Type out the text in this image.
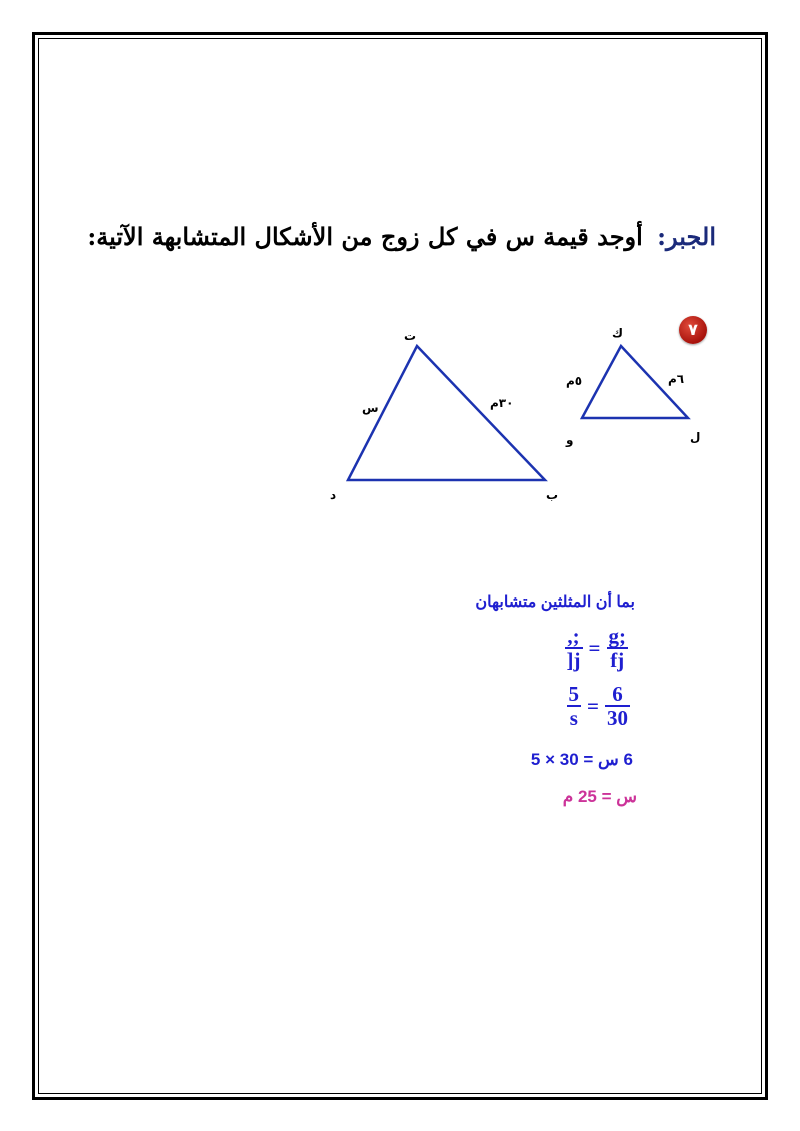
الجبر: أوجد قيمة س في كل زوج من الأشكال المتشابهة الآتية:
٧
ك
و	ل
٥م	٦م
ت
د	ب
س	٣٠م
بما أن المثلثين متشابهان
$\frac{,;}{]j} = \frac{g;}{fj}$
$\frac{5}{s} = \frac{6}{30}$
6 س = 30 × 5
س = 25 م
